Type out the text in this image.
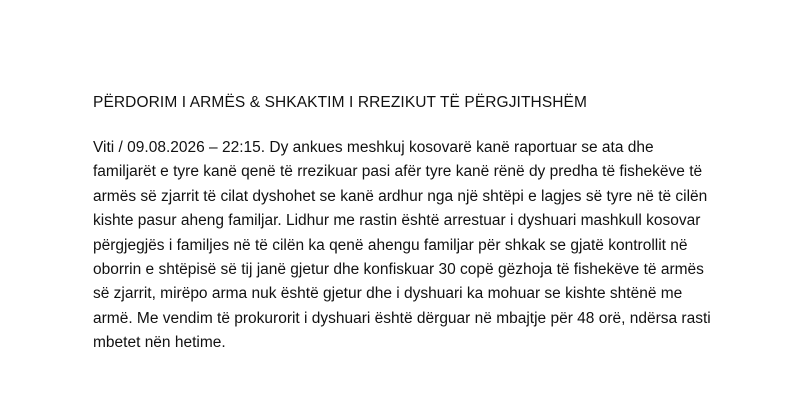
PËRDORIM I ARMËS & SHKAKTIM I RREZIKUT TË PËRGJITHSHËM

Viti / 09.08.2026 – 22:15. Dy ankues meshkuj kosovarë kanë raportuar se ata dhe familjarët e tyre kanë qenë të rrezikuar pasi afër tyre kanë rënë dy predha të fishekëve të armës së zjarrit të cilat dyshohet se kanë ardhur nga një shtëpi e lagjes së tyre në të cilën kishte pasur aheng familjar. Lidhur me rastin është arrestuar i dyshuari mashkull kosovar përgjegjës i familjes në të cilën ka qenë ahengu familjar për shkak se gjatë kontrollit në oborrin e shtëpisë së tij janë gjetur dhe konfiskuar 30 copë gëzhoja të fishekëve të armës së zjarrit, mirëpo arma nuk është gjetur dhe i dyshuari ka mohuar se kishte shtënë me armë. Me vendim të prokurorit i dyshuari është dërguar në mbajtje për 48 orë, ndërsa rasti mbetet nën hetime.
